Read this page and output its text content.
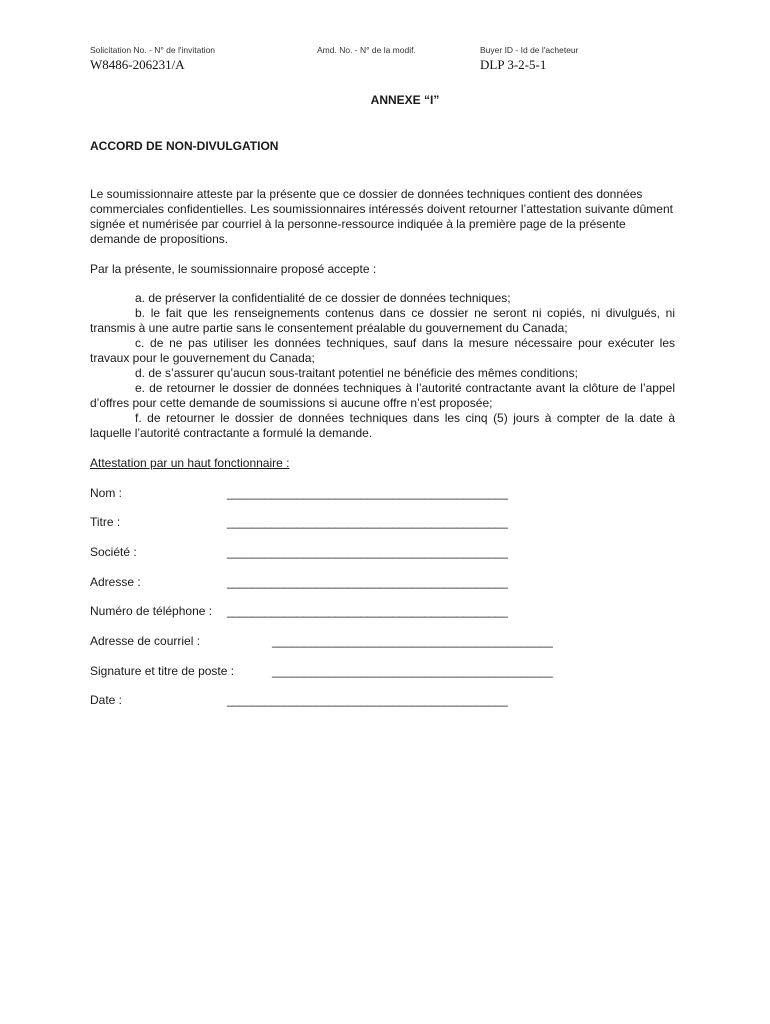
Solicitation No. - N° de l'invitation
W8486-206231/A
Amd. No. - N° de la modif.	Buyer ID - Id de l'acheteur
DLP 3-2-5-1
ANNEXE “I”
ACCORD DE NON-DIVULGATION
Le soumissionnaire atteste par la présente que ce dossier de données techniques contient des données commerciales confidentielles. Les soumissionnaires intéressés doivent retourner l’attestation suivante dûment signée et numérisée par courriel à la personne-ressource indiquée à la première page de la présente demande de propositions.
Par la présente, le soumissionnaire proposé accepte :

a. de préserver la confidentialité de ce dossier de données techniques;

b. le fait que les renseignements contenus dans ce dossier ne seront ni copiés, ni divulgués, ni transmis à une autre partie sans le consentement préalable du gouvernement du Canada;

c. de ne pas utiliser les données techniques, sauf dans la mesure nécessaire pour exécuter les travaux pour le gouvernement du Canada;

d. de s’assurer qu’aucun sous-traitant potentiel ne bénéficie des mêmes conditions;

e. de retourner le dossier de données techniques à l’autorité contractante avant la clôture de l’appel d’offres pour cette demande de soumissions si aucune offre n’est proposée;

f. de retourner le dossier de données techniques dans les cinq (5) jours à compter de la date à laquelle l’autorité contractante a formulé la demande.

Attestation par un haut fonctionnaire :
Nom :	____________________________________________
Titre :	____________________________________________
Société :	____________________________________________
Adresse :	____________________________________________
Numéro de téléphone : ____________________________________________
Adresse de courriel :	____________________________________________
Signature et titre de poste :	____________________________________________
Date :	____________________________________________
